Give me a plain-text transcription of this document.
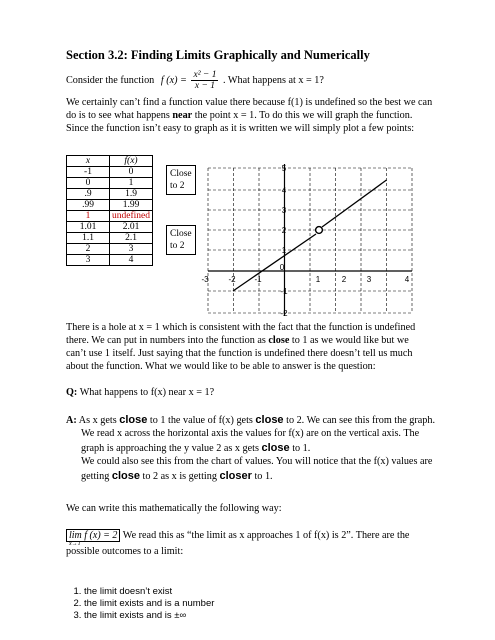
Section 3.2: Finding Limits Graphically and Numerically
Consider the function f $(x) = \frac{\text{x² − 1}}{x - 1}$ . What happens at x = 1?
We certainly can’t find a function value there because f(1) is undefined so the best we can
do is to see what happens near the point x = 1. To do this we will graph the function.
Since the function isn’t easy to graph as it is written we will simply plot a few points:
x	f(x)
-1	0
0	1
.9	1.9
.99	1.99
1	undefined
1.01	2.01
1.1	2.1
2	3
3	4
Close
to 2
Close
to 2
-3 -2 -1
0
1	2	3	4
5
4
3
2
1
-1
-2
There is a hole at x = 1 which is consistent with the fact that the function is undefined
there. We can put in numbers into the function as close to 1 as we would like but we
can’t use 1 itself. Just saying that the function is undefined there doesn’t tell us much
about the function. What we would like to be able to answer is the question:
Q: What happens to f(x) near x = 1?
A: As x gets close to 1 the value of f(x) gets close to 2. We can see this from the graph.
We read x across the horizontal axis the values for f(x) are on the vertical axis. The
graph is approaching the y value 2 as x gets close to 1.
We could also see this from the chart of values. You will notice that the f(x) values are
getting close to 2 as x is getting closer to 1.
We can write this mathematically the following way:
lim f (x) = 2
x→1
We read this as “the limit as x approaches 1 of f(x) is 2”. There are the
possible outcomes to a limit:
1. the limit doesn’t exist
2. the limit exists and is a number
3. the limit exists and is ±∞
